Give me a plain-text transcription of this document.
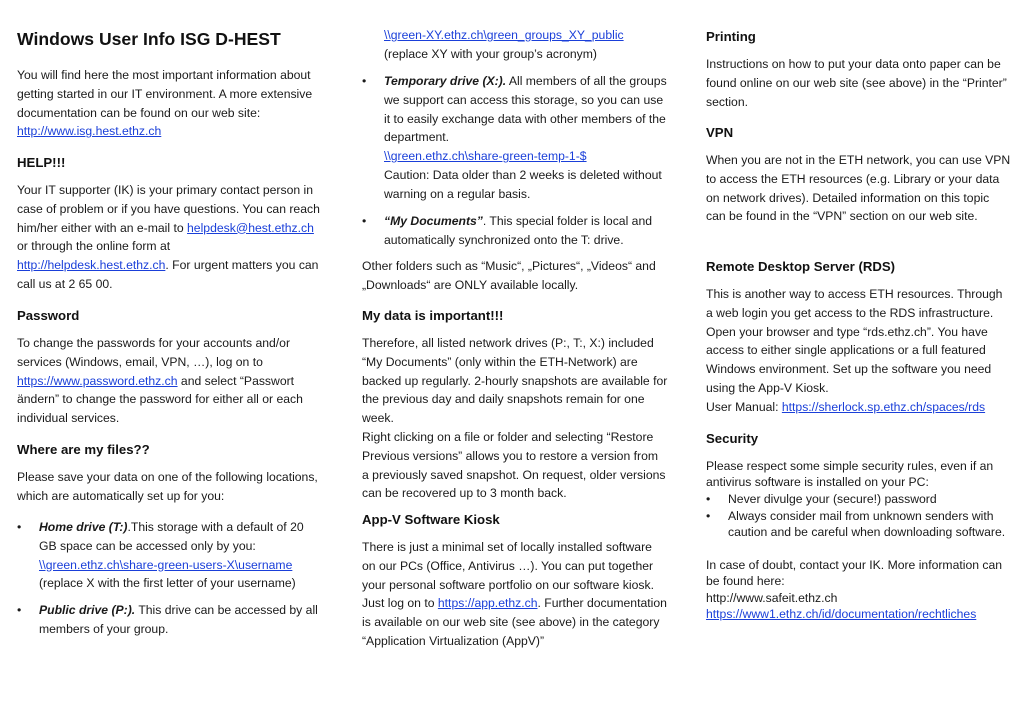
Windows User Info ISG D-HEST

You will find here the most important information about getting started in our IT environment. A more extensive documentation can be found on our web site: http://www.isg.hest.ethz.ch

HELP!!!

Your IT supporter (IK) is your primary contact person in case of problem or if you have questions. You can reach him/her either with an e-mail to helpdesk@hest.ethz.ch or through the online form at http://helpdesk.hest.ethz.ch. For urgent matters you can call us at 2 65 00.

Password

To change the passwords for your accounts and/or services (Windows, email, VPN, …), log on to https://www.password.ethz.ch and select “Passwort ändern” to change the password for either all or each individual services.

Where are my files??

Please save your data on one of the following locations, which are automatically set up for you:

•	Home drive (T:).This storage with a default of 20 GB space can be accessed only by you:
\\green.ethz.ch\share-green-users-X\username
(replace X with the first letter of your username)
•	Public drive (P:). This drive can be accessed by all members of your group.
\\green-XY.ethz.ch\green_groups_XY_public
(replace XY with your group’s acronym)
•	Temporary drive (X:). All members of all the groups we support can access this storage, so you can use it to easily exchange data with other members of the department.
\\green.ethz.ch\share-green-temp-1-$
Caution: Data older than 2 weeks is deleted without warning on a regular basis.
•	“My Documents”. This special folder is local and automatically synchronized onto the T: drive.

Other folders such as “Music“, „Pictures“, „Videos“ and „Downloads“ are ONLY available locally.

My data is important!!!

Therefore, all listed network drives (P:, T:, X:) included “My Documents” (only within the ETH-Network) are backed up regularly. 2-hourly snapshots are available for the previous day and daily snapshots remain for one week.

Right clicking on a file or folder and selecting “Restore Previous versions” allows you to restore a version from a previously saved snapshot. On request, older versions can be recovered up to 3 month back.

App-V Software Kiosk

There is just a minimal set of locally installed software on our PCs (Office, Antivirus …). You can put together your personal software portfolio on our software kiosk. Just log on to https://app.ethz.ch. Further documentation is available on our web site (see above) in the category “Application Virtualization (AppV)”

Printing

Instructions on how to put your data onto paper can be found online on our web site (see above) in the “Printer” section.

VPN

When you are not in the ETH network, you can use VPN to access the ETH resources (e.g. Library or your data on network drives). Detailed information on this topic can be found in the “VPN” section on our web site.

Remote Desktop Server (RDS)

This is another way to access ETH resources. Through a web login you get access to the RDS infrastructure. Open your browser and type “rds.ethz.ch”. You have access to either single applications or a full featured Windows environment. Set up the software you need using the App-V Kiosk.
User Manual: https://sherlock.sp.ethz.ch/spaces/rds

Security

Please respect some simple security rules, even if an antivirus software is installed on your PC:

•	Never divulge your (secure!) password
•	Always consider mail from unknown senders with caution and be careful when downloading software.

In case of doubt, contact your IK. More information can be found here:
http://www.safeit.ethz.ch
https://www1.ethz.ch/id/documentation/rechtliches
